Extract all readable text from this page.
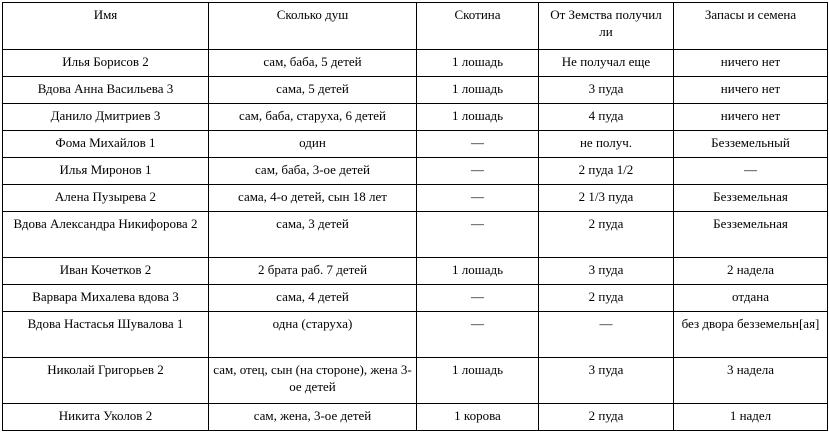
Имя	Сколько душ	Скотина	От Земства получил ли	Запасы и семена
Илья Борисов 2	сам, баба, 5 детей	1 лошадь	Не получал еще	ничего нет
Вдова Анна Васильева 3	сама, 5 детей	1 лошадь	3 пуда	ничего нет
Данило Дмитриев 3	сам, баба, старуха, 6 детей	1 лошадь	4 пуда	ничего нет
Фома Михайлов 1	один	—	не получ.	Безземельный
Илья Миронов 1	сам, баба, 3-ое детей	—	2 пуда 1/2	—
Алена Пузырева 2	сама, 4-о детей, сын 18 лет	—	2 1/3 пуда	Безземельная
Вдова Александра Никифорова 2	сама, 3 детей	—	2 пуда	Безземельная
Иван Кочетков 2	2 брата раб. 7 детей	1 лошадь	3 пуда	2 надела
Варвара Михалева вдова 3	сама, 4 детей	—	2 пуда	отдана
Вдова Настасья Шувалова 1	одна (старуха)	—	—	без двора безземельн[ая]
Николай Григорьев 2	сам, отец, сын (на стороне), жена 3-ое детей	1 лошадь	3 пуда	3 надела
Никита Уколов 2	сам, жена, 3-ое детей	1 корова	2 пуда	1 надел
